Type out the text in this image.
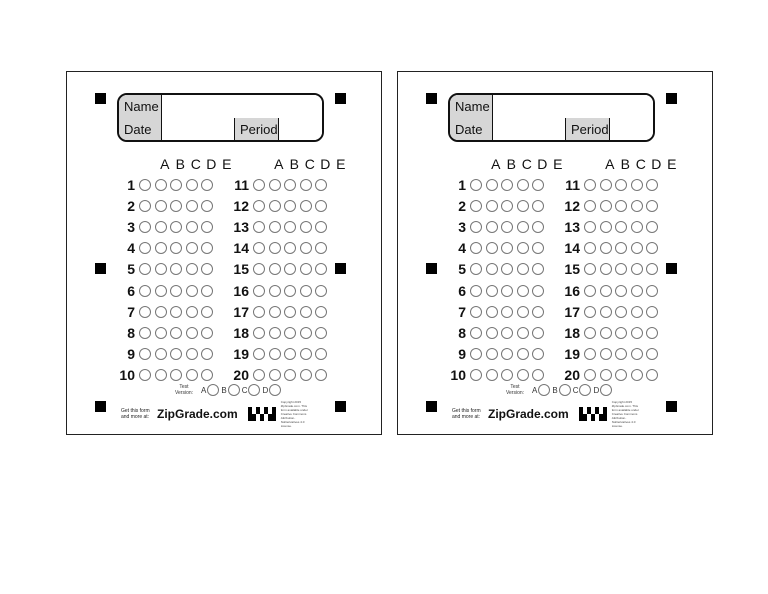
Name
Date	Period
A B C D E
1
2
3
4
5
6
7
8
9
10
A B C D E
11
12
13
14
15
16
17
18
19
20
Test Version: A B C D
Get this form and more at: ZipGrade.com
Copyright 2015 ZipGrade.com. This form available under Creative Commons Attribution-NoDerivatives 4.0 License.
Name
Date	Period
A B C D E
1
2
3
4
5
6
7
8
9
10
A B C D E
11
12
13
14
15
16
17
18
19
20
Test Version: A B C D
Get this form and more at: ZipGrade.com
Copyright 2015 ZipGrade.com. This form available under Creative Commons Attribution-NoDerivatives 4.0 License.
